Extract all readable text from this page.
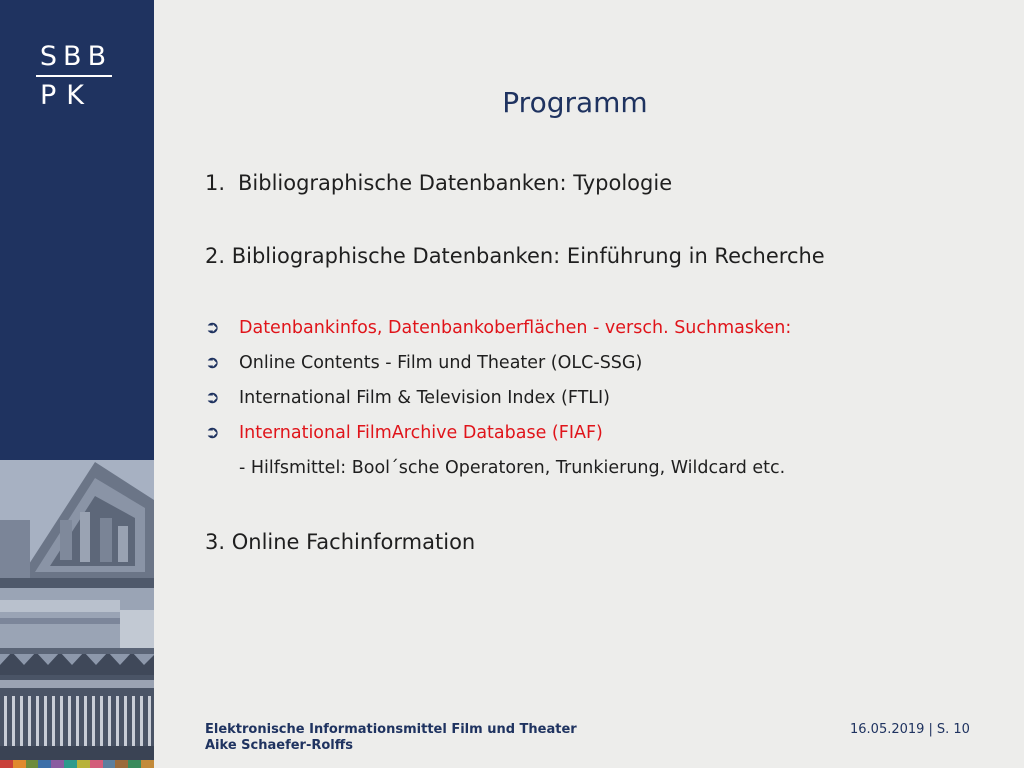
SBB
PK	Programm
1. Bibliographische Datenbanken: Typologie
2. Bibliographische Datenbanken: Einführung in Recherche
➲ Datenbankinfos, Datenbankoberflächen - versch. Suchmasken:
➲ Online Contents - Film und Theater (OLC-SSG)
➲ International Film & Television Index (FTLI)
➲ International FilmArchive Database (FIAF)
- Hilfsmittel: Bool´sche Operatoren, Trunkierung, Wildcard etc.
3. Online Fachinformation
Elektronische Informationsmittel Film und Theater
Aike Schaefer-Rolffs
16.05.2019 | S. 10
